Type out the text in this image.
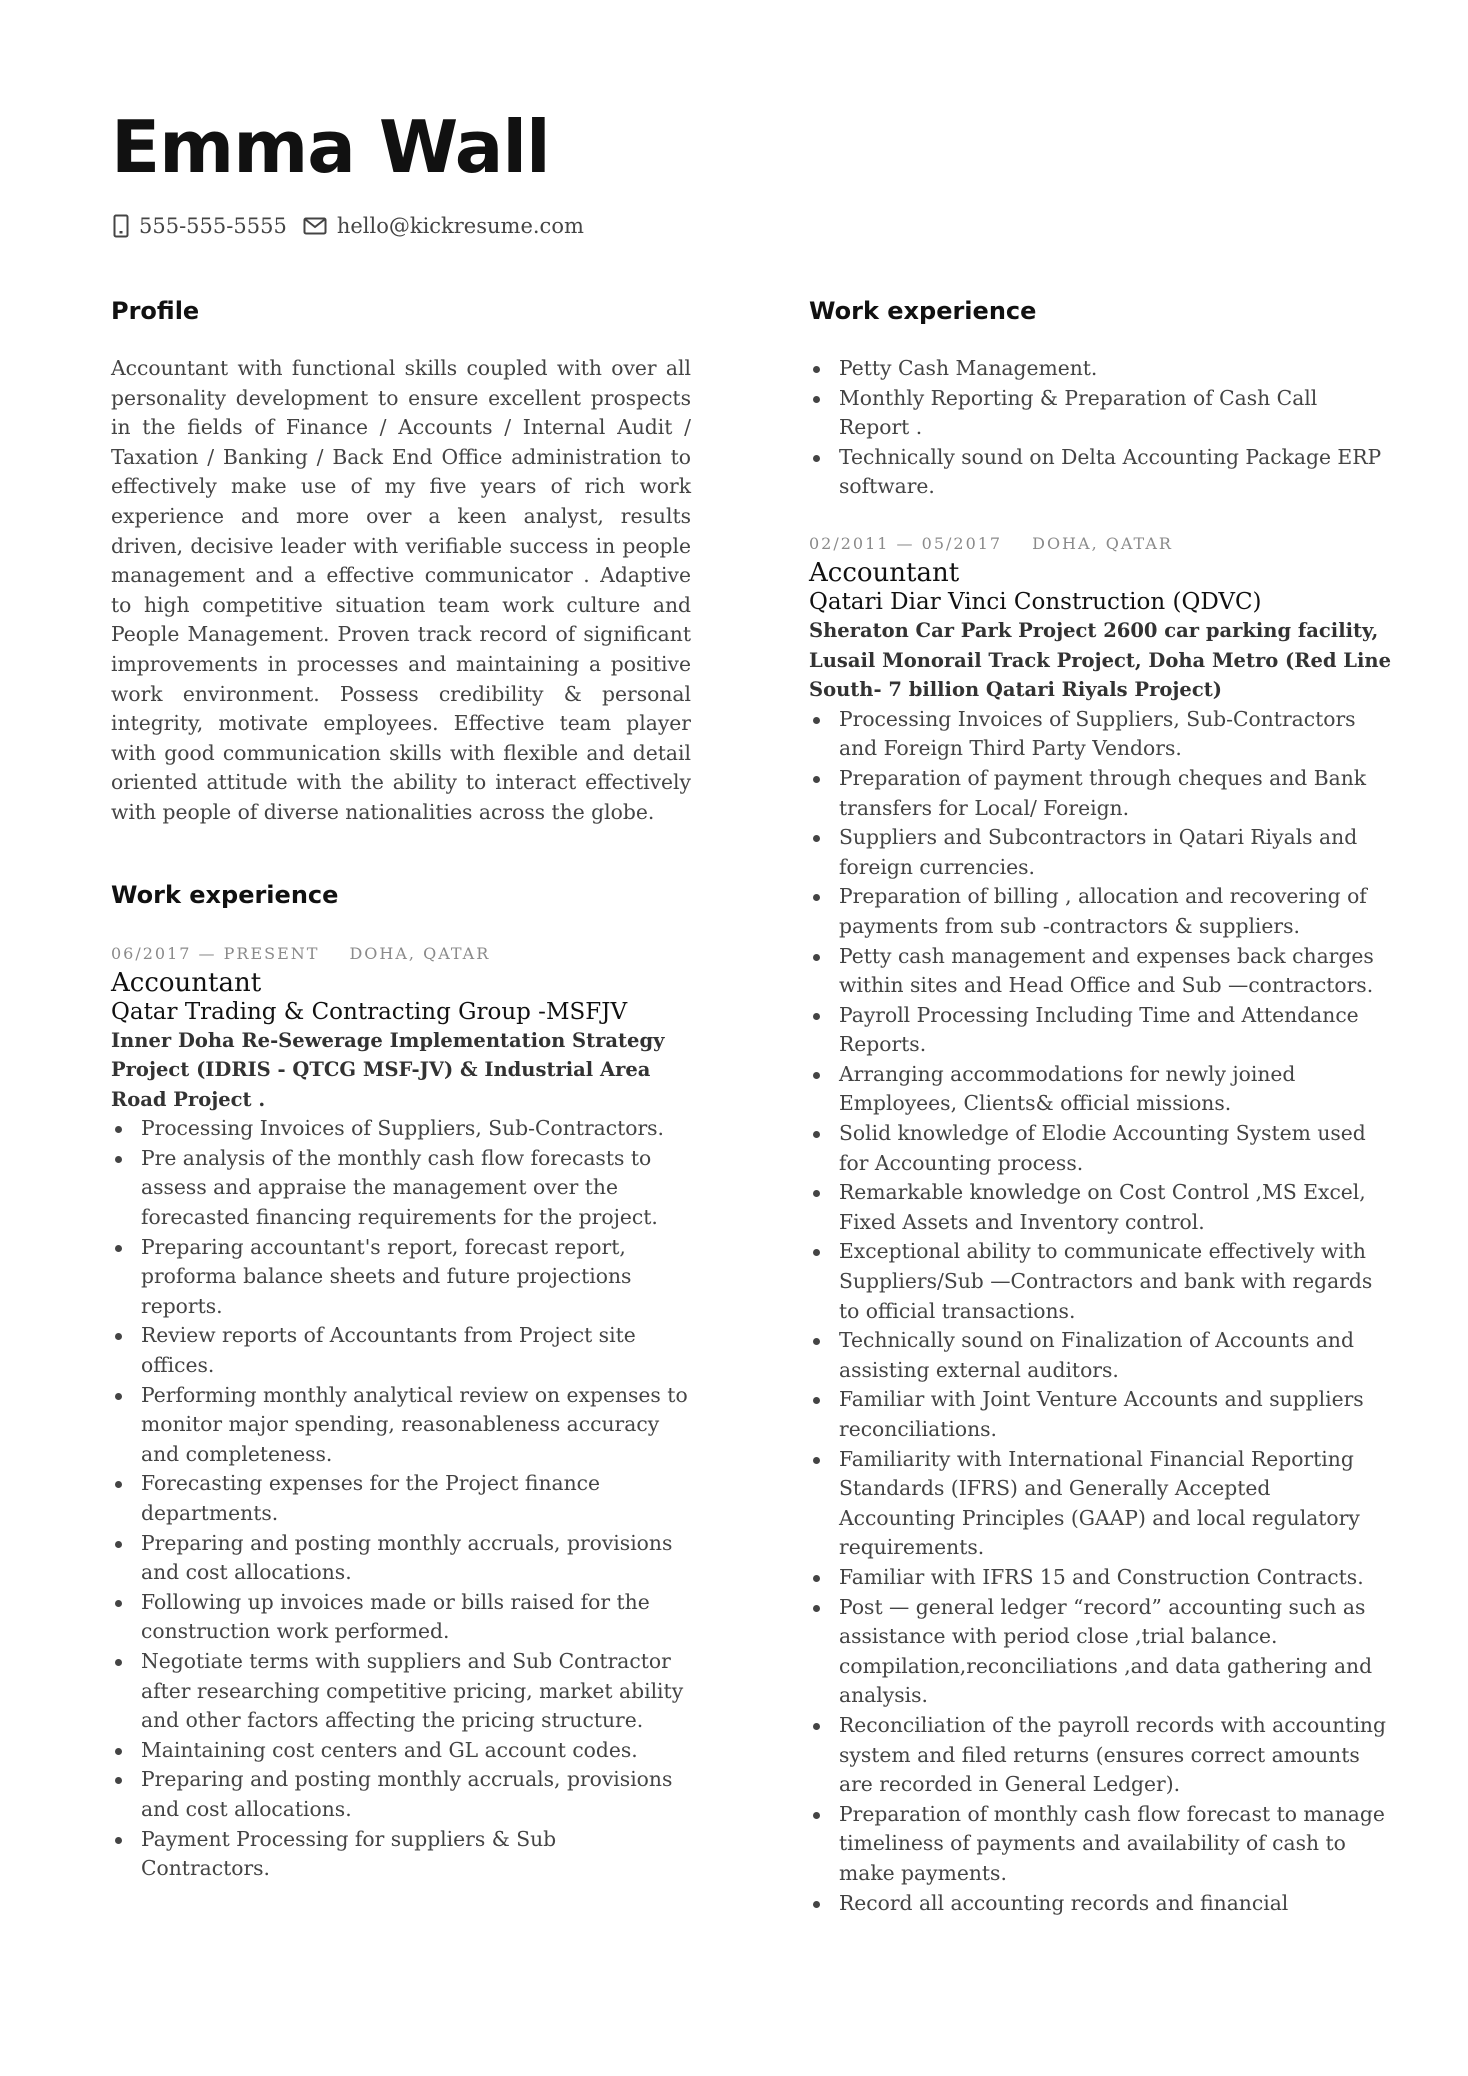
Emma Wall
555-555-5555 hello@kickresume.com
Profile

Accountant with functional skills coupled with over all personality development to ensure excellent prospects in the fields of Finance / Accounts / Internal Audit / Taxation / Banking / Back End Office administration to effectively make use of my five years of rich work experience and more over a keen analyst, results driven, decisive leader with verifiable success in people management and a effective communicator . Adaptive to high competitive situation team work culture and People Management. Proven track record of significant improvements in processes and maintaining a positive work environment. Possess credibility & personal integrity, motivate employees. Effective team player with good communication skills with flexible and detail oriented attitude with the ability to interact effectively with people of diverse nationalities across the globe.

Work experience

06/2017 — PRESENT DOHA, QATAR

Accountant

Qatar Trading & Contracting Group -MSFJV

Inner Doha Re-Sewerage Implementation Strategy Project (IDRIS - QTCG MSF-JV) & Industrial Area Road Project .

Processing Invoices of Suppliers, Sub-Contractors.
Pre analysis of the monthly cash flow forecasts to assess and appraise the management over the forecasted financing requirements for the project.
Preparing accountant's report, forecast report, proforma balance sheets and future projections reports.
Review reports of Accountants from Project site offices.
Performing monthly analytical review on expenses to monitor major spending, reasonableness accuracy and completeness.
Forecasting expenses for the Project finance departments.
Preparing and posting monthly accruals, provisions and cost allocations.
Following up invoices made or bills raised for the construction work performed.
Negotiate terms with suppliers and Sub Contractor after researching competitive pricing, market ability and other factors affecting the pricing structure.
Maintaining cost centers and GL account codes.
Preparing and posting monthly accruals, provisions and cost allocations.
Payment Processing for suppliers & Sub Contractors.
Work experience
Petty Cash Management.
Monthly Reporting & Preparation of Cash Call Report .
Technically sound on Delta Accounting Package ERP software.

02/2011 — 05/2017 DOHA, QATAR

Accountant

Qatari Diar Vinci Construction (QDVC)

Sheraton Car Park Project 2600 car parking facility, Lusail Monorail Track Project, Doha Metro (Red Line South- 7 billion Qatari Riyals Project)

Processing Invoices of Suppliers, Sub-Contractors and Foreign Third Party Vendors.
Preparation of payment through cheques and Bank transfers for Local/ Foreign.
Suppliers and Subcontractors in Qatari Riyals and foreign currencies.
Preparation of billing , allocation and recovering of payments from sub -contractors & suppliers.
Petty cash management and expenses back charges within sites and Head Office and Sub —contractors.
Payroll Processing Including Time and Attendance Reports.
Arranging accommodations for newly joined Employees, Clients& official missions.
Solid knowledge of Elodie Accounting System used for Accounting process.
Remarkable knowledge on Cost Control ,MS Excel, Fixed Assets and Inventory control.
Exceptional ability to communicate effectively with Suppliers/Sub —Contractors and bank with regards to official transactions.
Technically sound on Finalization of Accounts and assisting external auditors.
Familiar with Joint Venture Accounts and suppliers reconciliations.
Familiarity with International Financial Reporting Standards (IFRS) and Generally Accepted Accounting Principles (GAAP) and local regulatory requirements.
Familiar with IFRS 15 and Construction Contracts.
Post — general ledger “record” accounting such as assistance with period close ,trial balance. compilation,reconciliations ,and data gathering and analysis.
Reconciliation of the payroll records with accounting system and filed returns (ensures correct amounts are recorded in General Ledger).
Preparation of monthly cash flow forecast to manage timeliness of payments and availability of cash to make payments.
Record all accounting records and financial
